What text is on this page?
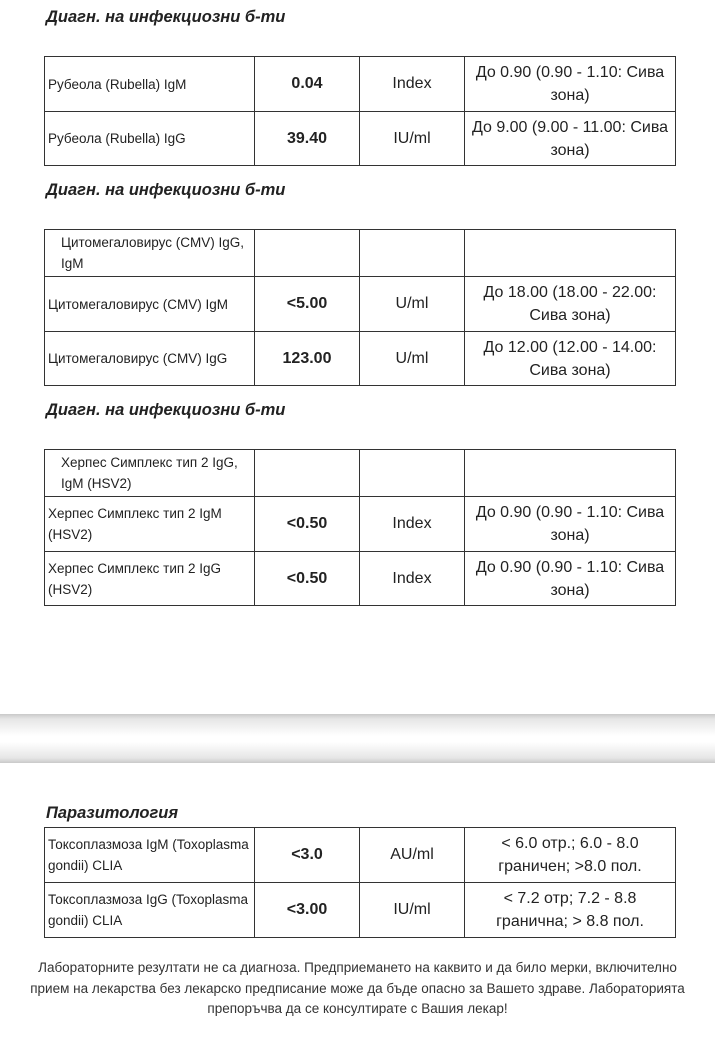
Диагн. на инфекциозни б-ти
Рубеола (Rubella) IgM	0.04	Index	До 0.90 (0.90 - 1.10: Сива зона)
Рубеола (Rubella) IgG	39.40	IU/ml	До 9.00 (9.00 - 11.00: Сива зона)
Диагн. на инфекциозни б-ти
Цитомегаловирус (CMV) IgG, IgM			
Цитомегаловирус (CMV) IgM	<5.00	U/ml	До 18.00 (18.00 - 22.00: Сива зона)
Цитомегаловирус (CMV) IgG	123.00	U/ml	До 12.00 (12.00 - 14.00: Сива зона)
Диагн. на инфекциозни б-ти
Херпес Симплекс тип 2 IgG, IgM (HSV2)			
Херпес Симплекс тип 2 IgM (HSV2)	<0.50	Index	До 0.90 (0.90 - 1.10: Сива зона)
Херпес Симплекс тип 2 IgG (HSV2)	<0.50	Index	До 0.90 (0.90 - 1.10: Сива зона)
Паразитология
Токсоплазмоза IgM (Toxoplasma gondii) CLIA	<3.0	AU/ml	< 6.0 отр.; 6.0 - 8.0 граничен; >8.0 пол.
Токсоплазмоза IgG (Toxoplasma gondii) CLIA	<3.00	IU/ml	< 7.2 отр; 7.2 - 8.8 гранична; > 8.8 пол.
Лабораторните резултати не са диагноза. Предприемането на каквито и да било мерки, включително прием на лекарства без лекарско предписание може да бъде опасно за Вашето здраве. Лабораторията препоръчва да се консултирате с Вашия лекар!
